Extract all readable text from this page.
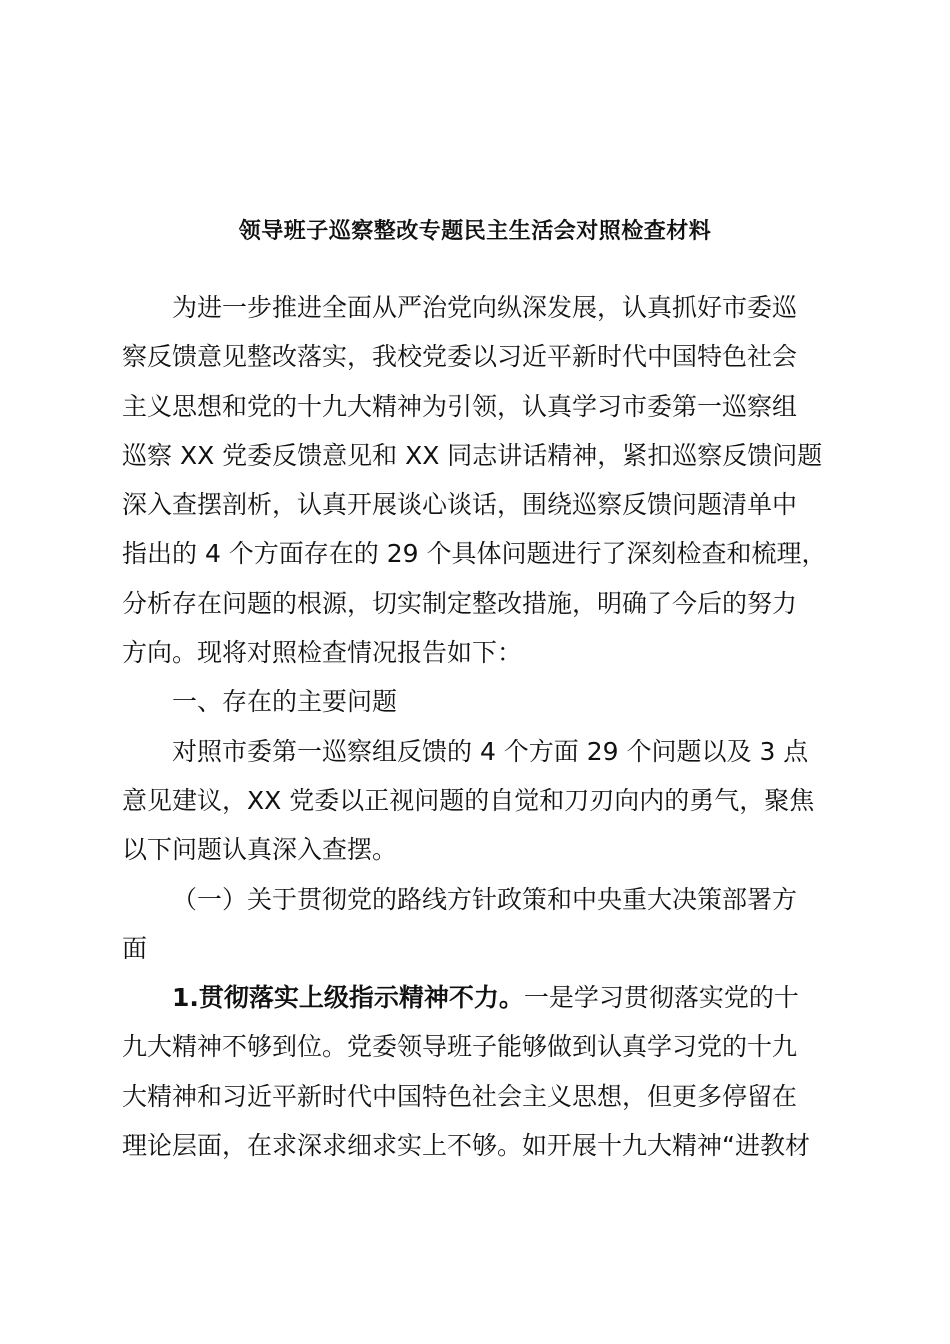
领导班子巡察整改专题民主生活会对照检查材料
为进一步推进全面从严治党向纵深发展，认真抓好市委巡
察反馈意见整改落实，我校党委以习近平新时代中国特色社会
主义思想和党的十九大精神为引领，认真学习市委第一巡察组
巡察 XX 党委反馈意见和 XX 同志讲话精神，紧扣巡察反馈问题
深入查摆剖析，认真开展谈心谈话，围绕巡察反馈问题清单中
指出的 4 个方面存在的 29 个具体问题进行了深刻检查和梳理，
分析存在问题的根源，切实制定整改措施，明确了今后的努力
方向。现将对照检查情况报告如下：
一、存在的主要问题
对照市委第一巡察组反馈的 4 个方面 29 个问题以及 3 点
意见建议，XX 党委以正视问题的自觉和刀刃向内的勇气，聚焦
以下问题认真深入查摆。
（一）关于贯彻党的路线方针政策和中央重大决策部署方
面
1.贯彻落实上级指示精神不力。一是学习贯彻落实党的十
九大精神不够到位。党委领导班子能够做到认真学习党的十九
大精神和习近平新时代中国特色社会主义思想，但更多停留在
理论层面，在求深求细求实上不够。如开展十九大精神“进教材
